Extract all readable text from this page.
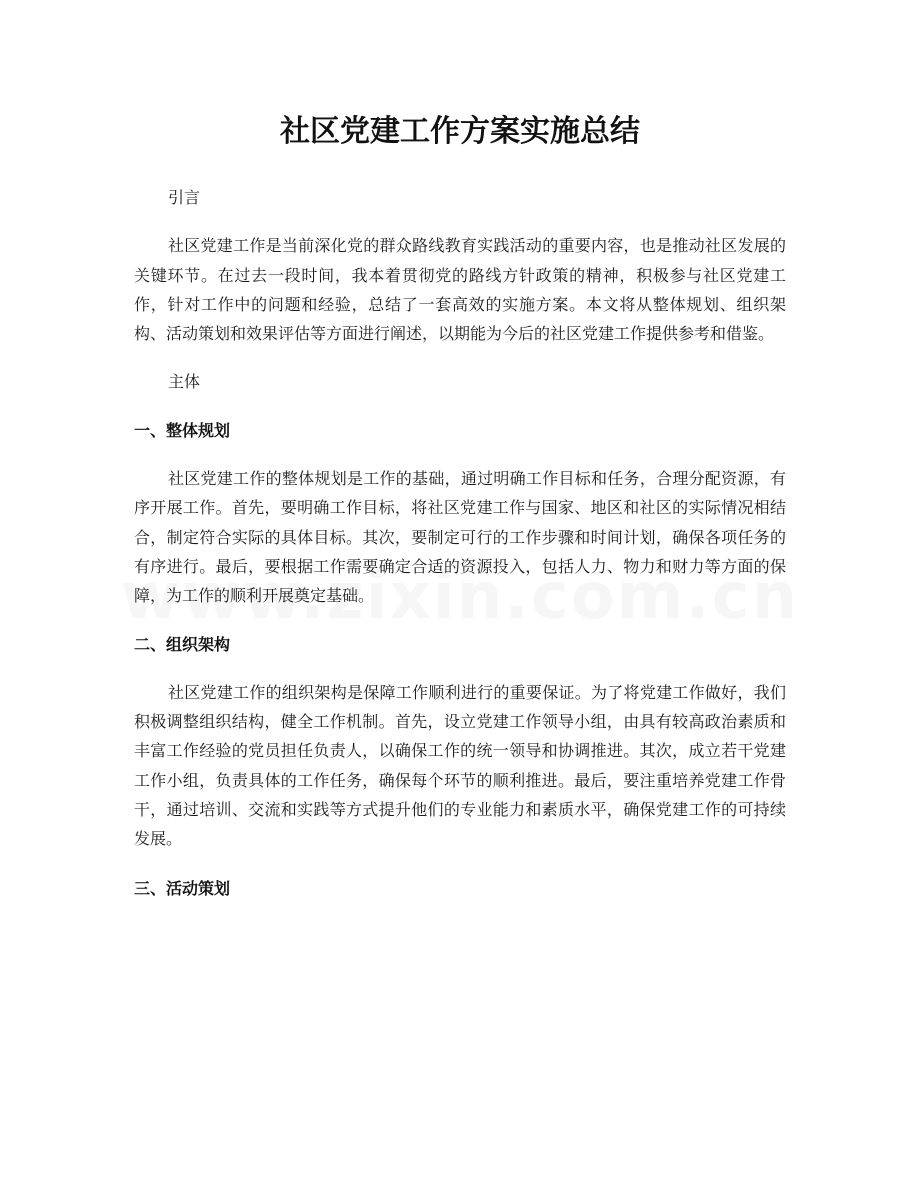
社区党建工作方案实施总结

引言

社区党建工作是当前深化党的群众路线教育实践活动的重要内容，也是推动社区发展的关键环节。在过去一段时间，我本着贯彻党的路线方针政策的精神，积极参与社区党建工作，针对工作中的问题和经验，总结了一套高效的实施方案。本文将从整体规划、组织架构、活动策划和效果评估等方面进行阐述，以期能为今后的社区党建工作提供参考和借鉴。

主体

一、整体规划

社区党建工作的整体规划是工作的基础，通过明确工作目标和任务，合理分配资源，有序开展工作。首先，要明确工作目标，将社区党建工作与国家、地区和社区的实际情况相结合，制定符合实际的具体目标。其次，要制定可行的工作步骤和时间计划，确保各项任务的有序进行。最后，要根据工作需要确定合适的资源投入，包括人力、物力和财力等方面的保障，为工作的顺利开展奠定基础。

二、组织架构

社区党建工作的组织架构是保障工作顺利进行的重要保证。为了将党建工作做好，我们积极调整组织结构，健全工作机制。首先，设立党建工作领导小组，由具有较高政治素质和丰富工作经验的党员担任负责人，以确保工作的统一领导和协调推进。其次，成立若干党建工作小组，负责具体的工作任务，确保每个环节的顺利推进。最后，要注重培养党建工作骨干，通过培训、交流和实践等方式提升他们的专业能力和素质水平，确保党建工作的可持续发展。

三、活动策划
